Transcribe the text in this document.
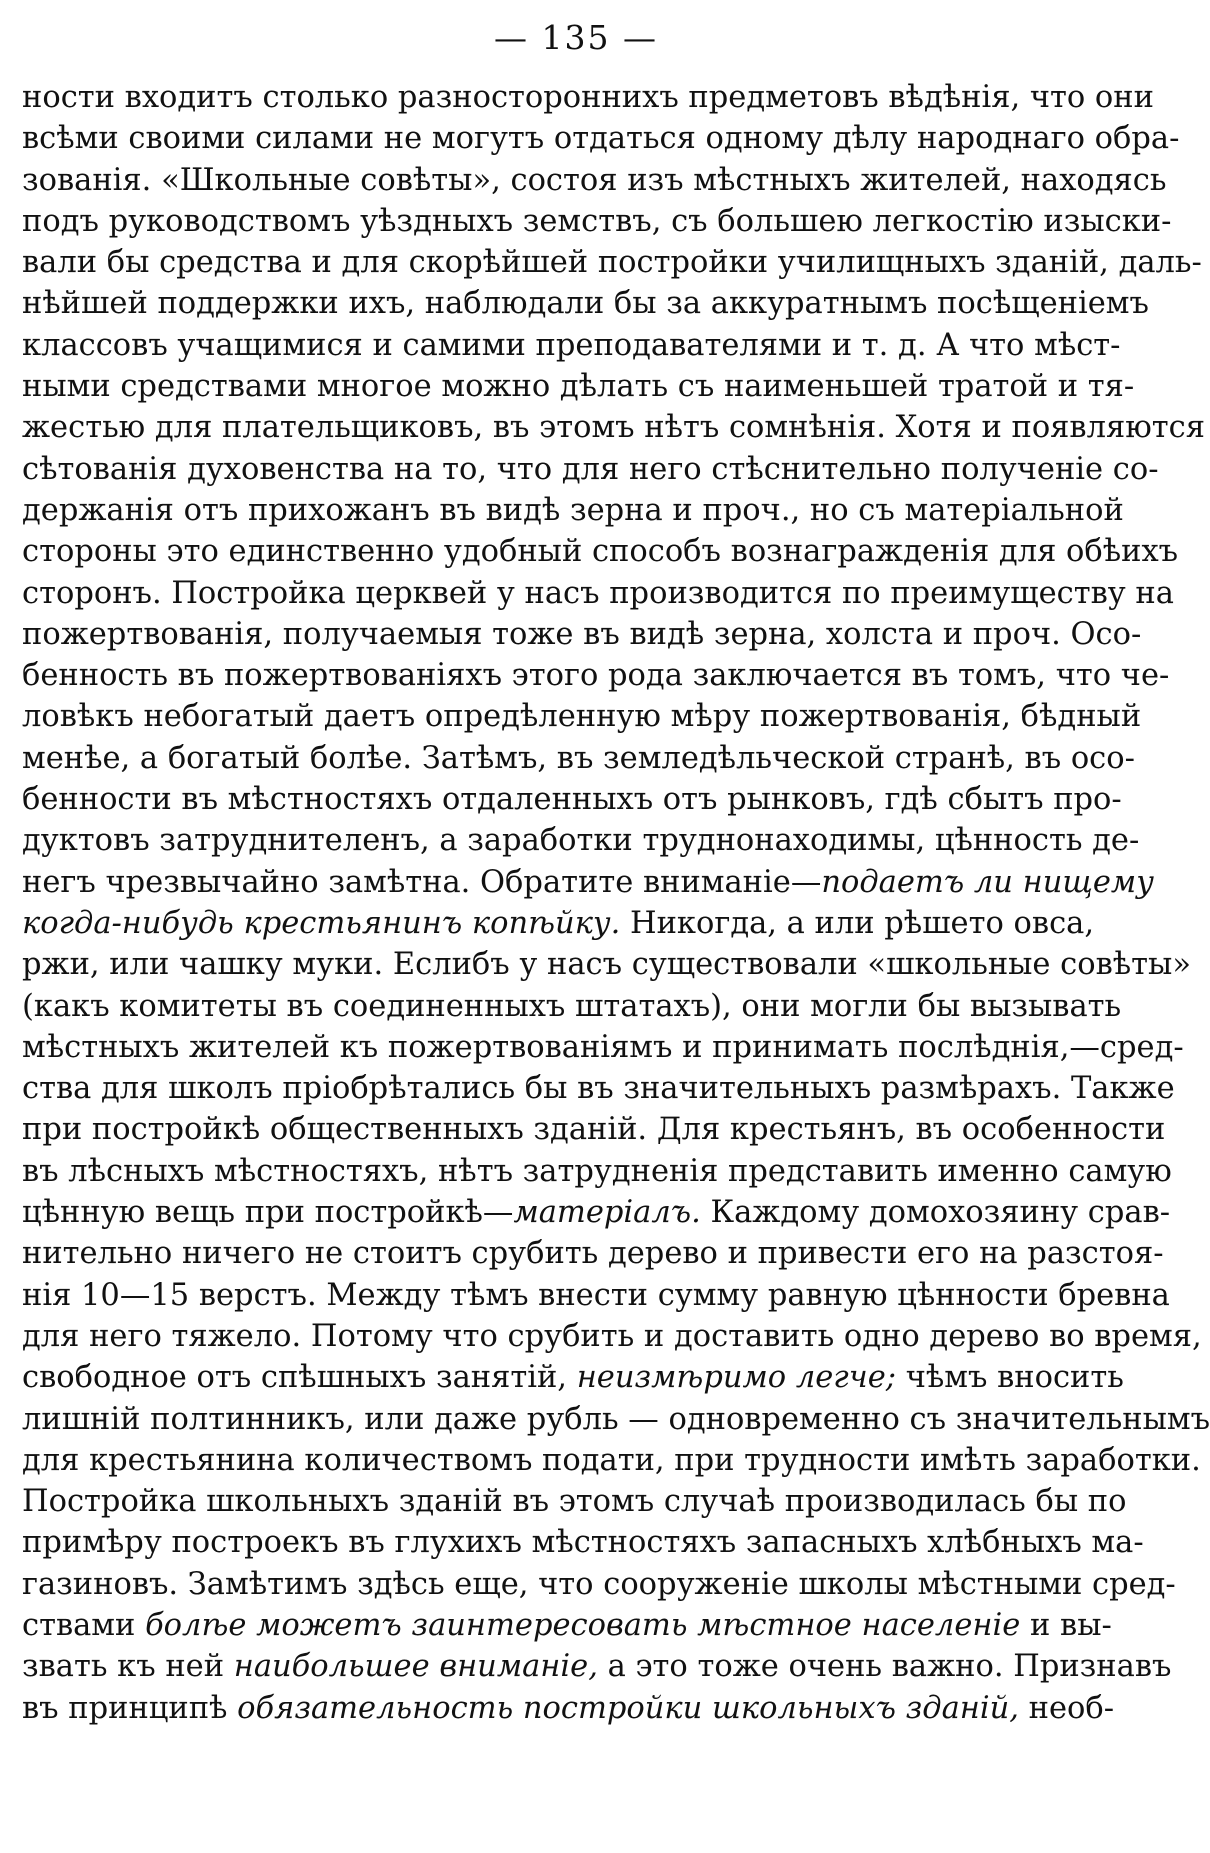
— 135 —
ности входитъ столько разностороннихъ предметовъ вѣдѣнія, что они
всѣми своими силами не могутъ отдаться одному дѣлу народнаго обра-
зованія. «Школьные совѣты», состоя изъ мѣстныхъ жителей, находясь
подъ руководствомъ уѣздныхъ земствъ, съ большею легкостію изыски-
вали бы средства и для скорѣйшей постройки училищныхъ зданій, даль-
нѣйшей поддержки ихъ, наблюдали бы за аккуратнымъ посѣщеніемъ
классовъ учащимися и самими преподавателями и т. д. А что мѣст-
ными средствами многое можно дѣлать съ наименьшей тратой и тя-
жестью для плательщиковъ, въ этомъ нѣтъ сомнѣнія. Хотя и появляются
сѣтованія духовенства на то, что для него стѣснительно полученіе со-
держанія отъ прихожанъ въ видѣ зерна и проч., но съ матеріальной
стороны это единственно удобный способъ вознагражденія для обѣихъ
сторонъ. Постройка церквей у насъ производится по преимуществу на
пожертвованія, получаемыя тоже въ видѣ зерна, холста и проч. Осо-
бенность въ пожертвованіяхъ этого рода заключается въ томъ, что че-
ловѣкъ небогатый даетъ опредѣленную мѣру пожертвованія, бѣдный
менѣе, а богатый болѣе. Затѣмъ, въ земледѣльческой странѣ, въ осо-
бенности въ мѣстностяхъ отдаленныхъ отъ рынковъ, гдѣ сбытъ про-
дуктовъ затруднителенъ, а заработки труднонаходимы, цѣнность де-
негъ чрезвычайно замѣтна. Обратите вниманіе—подаетъ ли нищему
когда-нибудь крестьянинъ копѣйку. Никогда, а или рѣшето овса,
ржи, или чашку муки. Еслибъ у насъ существовали «школьные совѣты»
(какъ комитеты въ соединенныхъ штатахъ), они могли бы вызывать
мѣстныхъ жителей къ пожертвованіямъ и принимать послѣднія,—сред-
ства для школъ пріобрѣтались бы въ значительныхъ размѣрахъ. Также
при постройкѣ общественныхъ зданій. Для крестьянъ, въ особенности
въ лѣсныхъ мѣстностяхъ, нѣтъ затрудненія представить именно самую
цѣнную вещь при постройкѣ—матеріалъ. Каждому домохозяину срав-
нительно ничего не стоитъ срубить дерево и привести его на разстоя-
нія 10—15 верстъ. Между тѣмъ внести сумму равную цѣнности бревна
для него тяжело. Потому что срубить и доставить одно дерево во время,
свободное отъ спѣшныхъ занятій, неизмѣримо легче; чѣмъ вносить
лишній полтинникъ, или даже рубль — одновременно съ значительнымъ
для крестьянина количествомъ подати, при трудности имѣть заработки.
Постройка школьныхъ зданій въ этомъ случаѣ производилась бы по
примѣру построекъ въ глухихъ мѣстностяхъ запасныхъ хлѣбныхъ ма-
газиновъ. Замѣтимъ здѣсь еще, что сооруженіе школы мѣстными сред-
ствами болѣе можетъ заинтересовать мѣстное населеніе и вы-
звать къ ней наибольшее вниманіе, а это тоже очень важно. Признавъ
въ принципѣ обязательность постройки школьныхъ зданій, необ-
